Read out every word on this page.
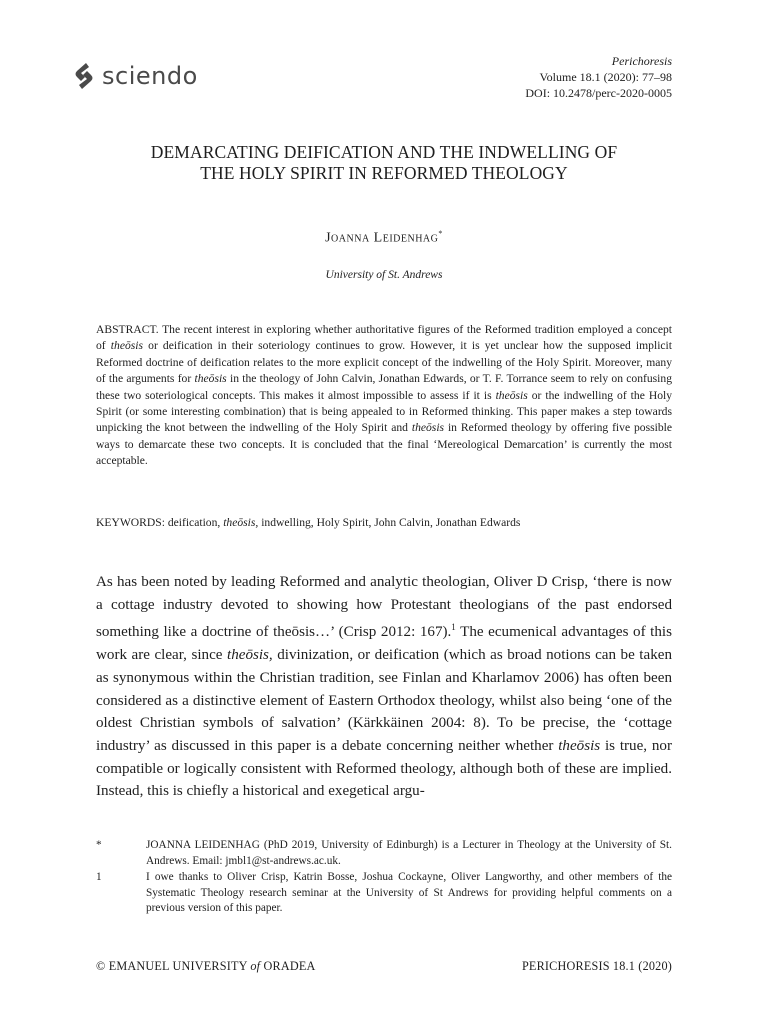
sciendo
Perichoresis
Volume 18.1 (2020): 77–98
DOI: 10.2478/perc-2020-0005
DEMARCATING DEIFICATION AND THE INDWELLING OF
THE HOLY SPIRIT IN REFORMED THEOLOGY
Joanna Leidenhag*
University of St. Andrews
ABSTRACT. The recent interest in exploring whether authoritative figures of the Reformed tradition employed a concept of theōsis or deification in their soteriology continues to grow. However, it is yet unclear how the supposed implicit Reformed doctrine of deification relates to the more explicit concept of the indwelling of the Holy Spirit. Moreover, many of the arguments for theōsis in the theology of John Calvin, Jonathan Edwards, or T. F. Torrance seem to rely on confusing these two soteriological concepts. This makes it almost impossible to assess if it is theōsis or the indwelling of the Holy Spirit (or some interesting combination) that is being appealed to in Reformed thinking. This paper makes a step towards unpicking the knot between the indwelling of the Holy Spirit and theōsis in Reformed theology by offering five possible ways to demarcate these two concepts. It is concluded that the final ‘Mereological Demarcation’ is currently the most acceptable.
KEYWORDS: deification, theōsis, indwelling, Holy Spirit, John Calvin, Jonathan Edwards
As has been noted by leading Reformed and analytic theologian, Oliver D Crisp, ‘there is now a cottage industry devoted to showing how Protestant theologians of the past endorsed something like a doctrine of theōsis…’ (Crisp 2012: 167).$^1$ The ecumenical advantages of this work are clear, since theōsis, divinization, or deification (which as broad notions can be taken as synonymous within the Christian tradition, see Finlan and Kharlamov 2006) has often been considered as a distinctive element of Eastern Orthodox theology, whilst also being ‘one of the oldest Christian symbols of salvation’ (Kärkkäinen 2004: 8). To be precise, the ‘cottage industry’ as discussed in this paper is a debate concerning neither whether theōsis is true, nor compatible or logically consistent with Reformed theology, although both of these are implied. Instead, this is chiefly a historical and exegetical argu-
*	JOANNA LEIDENHAG (PhD 2019, University of Edinburgh) is a Lecturer in Theology at the University of St. Andrews. Email: jmbl1@st-andrews.ac.uk.
1	I owe thanks to Oliver Crisp, Katrin Bosse, Joshua Cockayne, Oliver Langworthy, and other members of the Systematic Theology research seminar at the University of St Andrews for providing helpful comments on a previous version of this paper.
© EMANUEL UNIVERSITY of ORADEA	PERICHORESIS 18.1 (2020)
